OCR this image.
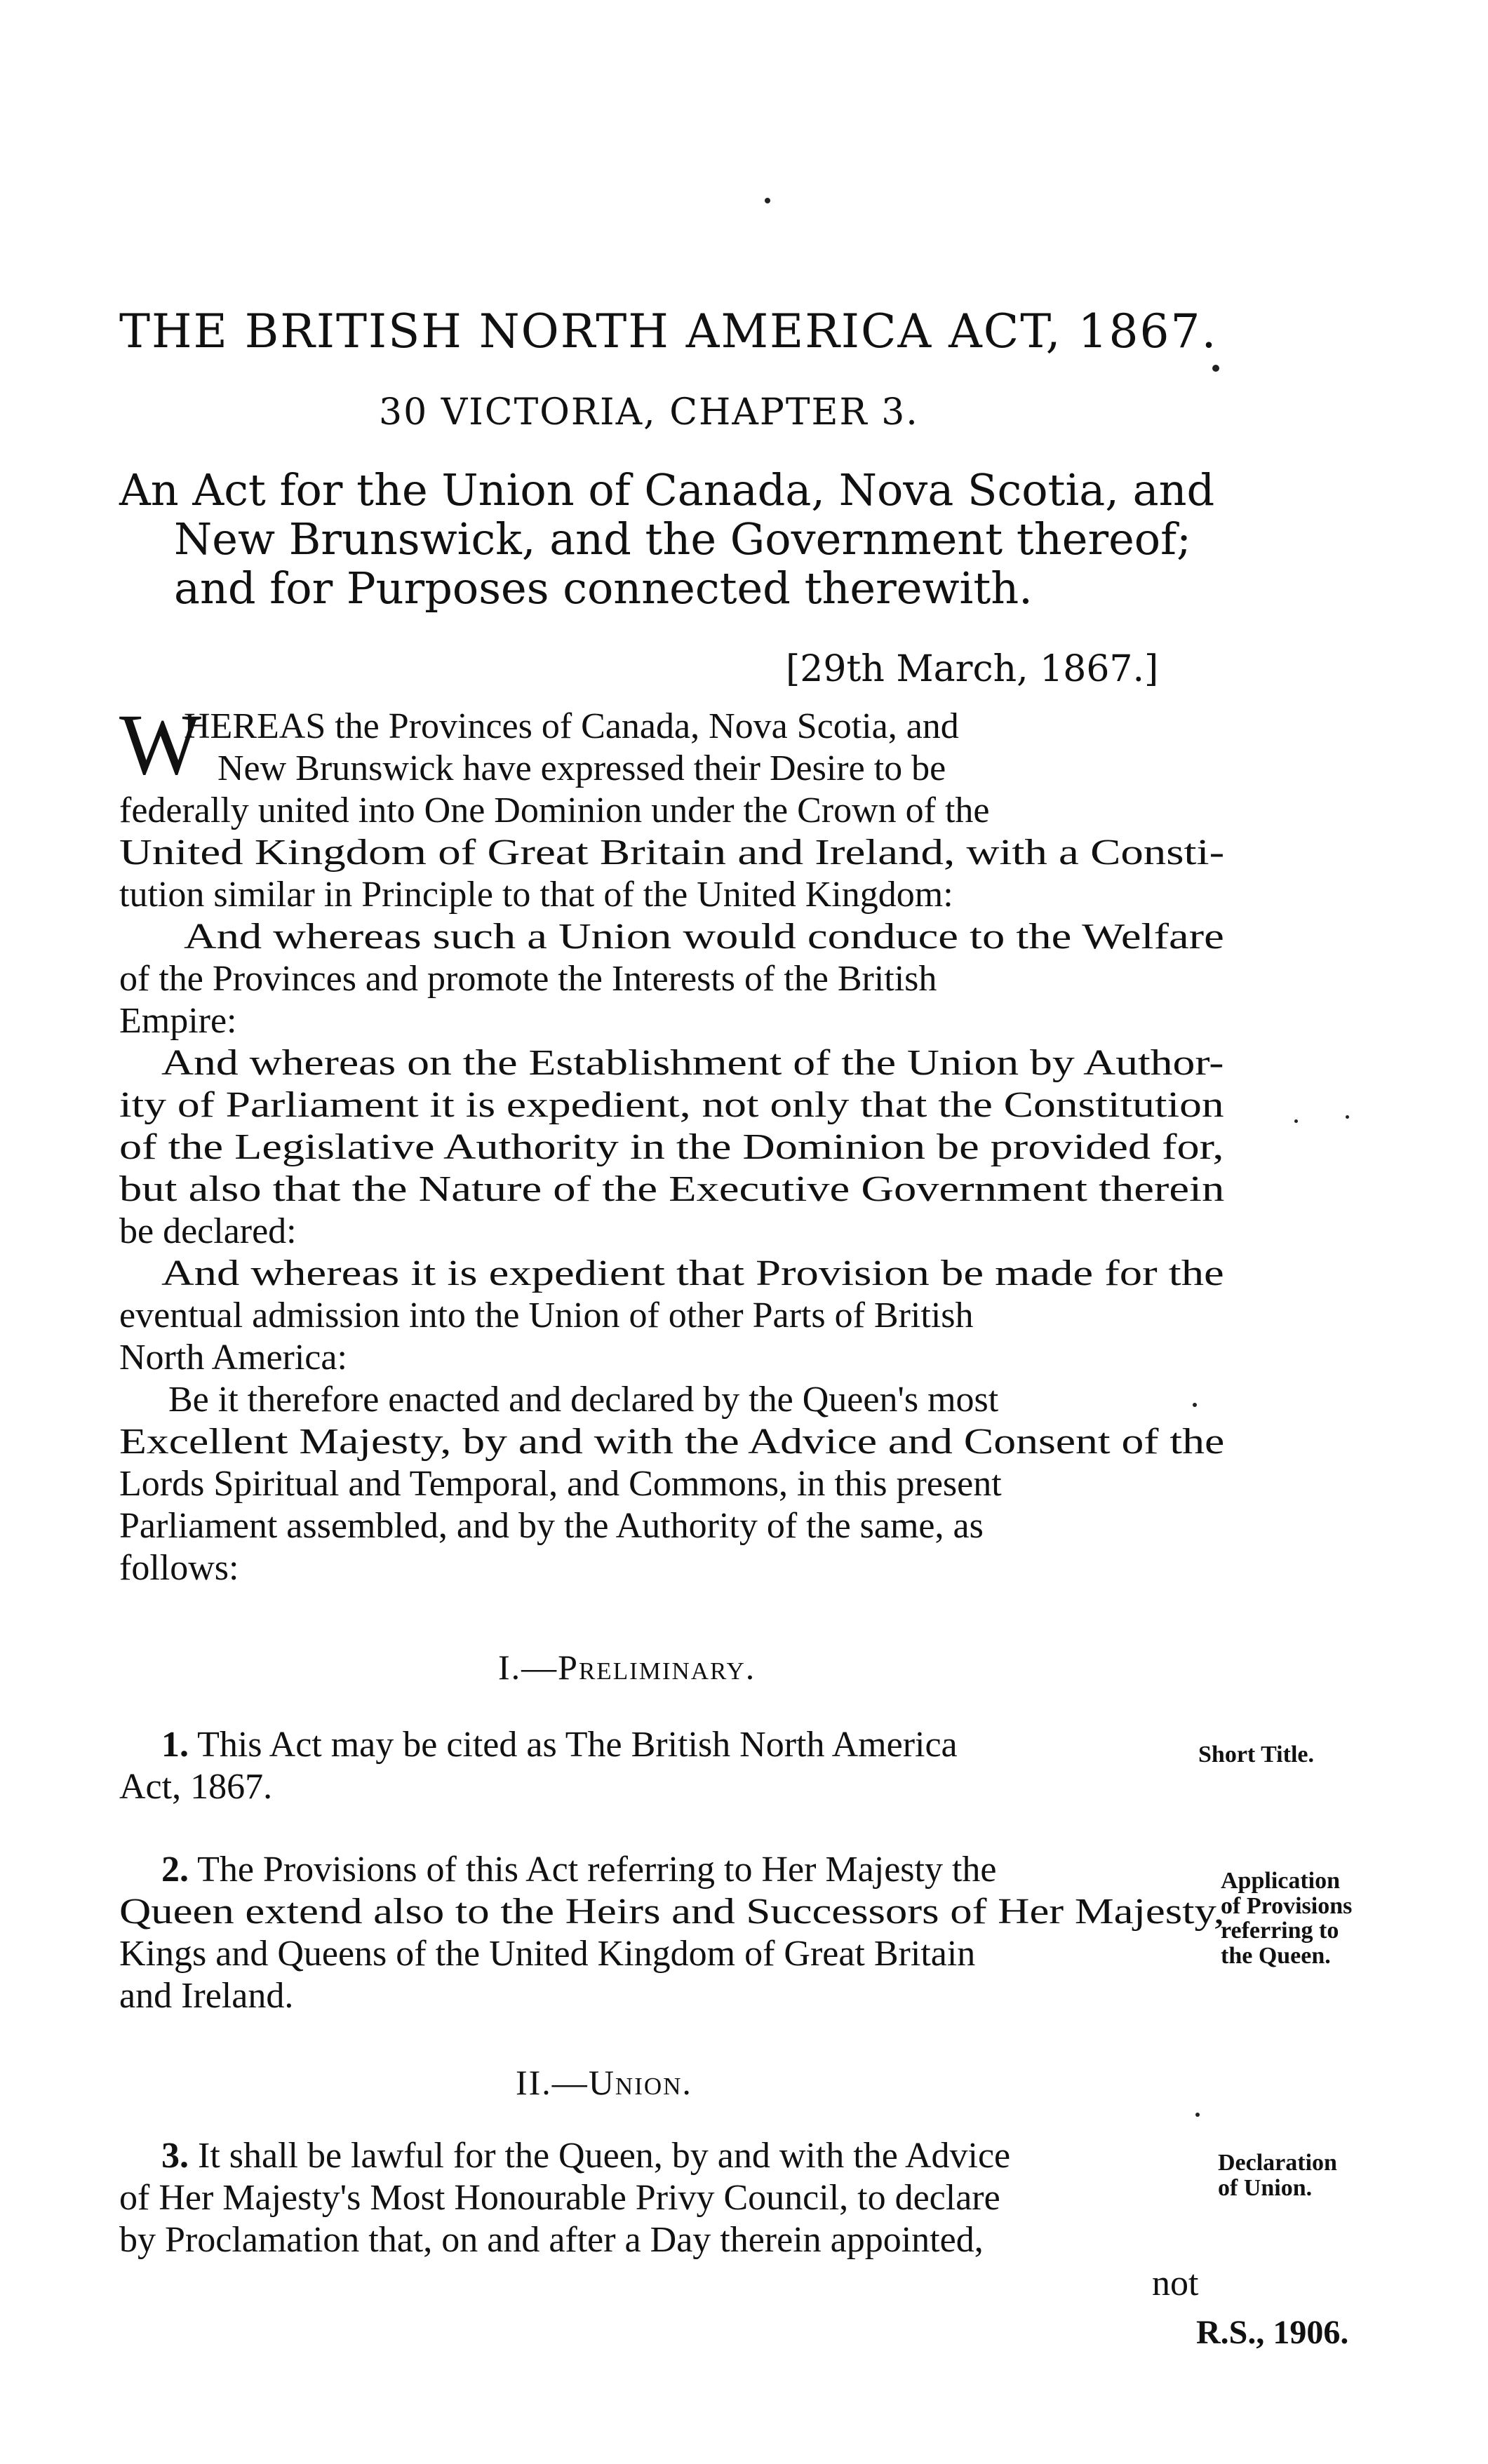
THE BRITISH NORTH AMERICA ACT, 1867.
30 VICTORIA, CHAPTER 3.
An Act for the Union of Canada, Nova Scotia, and
New Brunswick, and the Government thereof;
and for Purposes connected therewith.
[29th March, 1867.]
W
HEREAS the Provinces of Canada, Nova Scotia, and
New Brunswick have expressed their Desire to be
federally united into One Dominion under the Crown of the
United Kingdom of Great Britain and Ireland, with a Consti-
tution similar in Principle to that of the United Kingdom:
And whereas such a Union would conduce to the Welfare
of the Provinces and promote the Interests of the British
Empire:
And whereas on the Establishment of the Union by Author-
ity of Parliament it is expedient, not only that the Constitution
of the Legislative Authority in the Dominion be provided for,
but also that the Nature of the Executive Government therein
be declared:
And whereas it is expedient that Provision be made for the
eventual admission into the Union of other Parts of British
North America:
Be it therefore enacted and declared by the Queen's most
Excellent Majesty, by and with the Advice and Consent of the
Lords Spiritual and Temporal, and Commons, in this present
Parliament assembled, and by the Authority of the same, as
follows:
I.—Preliminary.
1. This Act may be cited as The British North America
Act, 1867.
Short Title.
2. The Provisions of this Act referring to Her Majesty the
Queen extend also to the Heirs and Successors of Her Majesty,
Kings and Queens of the United Kingdom of Great Britain
and Ireland.
Application
of Provisions
referring to
the Queen.
II.—Union.
3. It shall be lawful for the Queen, by and with the Advice
of Her Majesty's Most Honourable Privy Council, to declare
by Proclamation that, on and after a Day therein appointed,
Declaration
of Union.
not
R.S., 1906.
